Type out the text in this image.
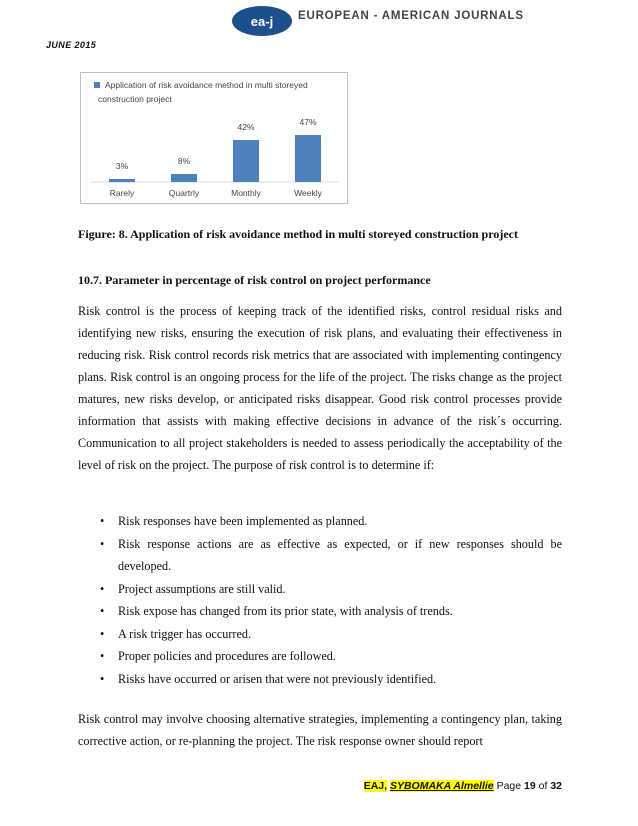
ea-j EUROPEAN - AMERICAN JOURNALS
JUNE 2015
Application of risk avoidance method in multi storeyed
construction project
3%
Rarely
8%
Quartrly
42%
Monthly
47%
Weekly
Figure: 8. Application of risk avoidance method in multi storeyed construction project
10.7. Parameter in percentage of risk control on project performance
Risk control is the process of keeping track of the identified risks, control residual risks and identifying new risks, ensuring the execution of risk plans, and evaluating their effectiveness in reducing risk. Risk control records risk metrics that are associated with implementing contingency plans. Risk control is an ongoing process for the life of the project. The risks change as the project matures, new risks develop, or anticipated risks disappear. Good risk control processes provide information that assists with making effective decisions in advance of the risk´s occurring. Communication to all project stakeholders is needed to assess periodically the acceptability of the level of risk on the project. The purpose of risk control is to determine if:
• Risk responses have been implemented as planned.
• Risk response actions are as effective as expected, or if new responses should be developed.
• Project assumptions are still valid.
• Risk expose has changed from its prior state, with analysis of trends.
• A risk trigger has occurred.
• Proper policies and procedures are followed.
• Risks have occurred or arisen that were not previously identified.
Risk control may involve choosing alternative strategies, implementing a contingency plan, taking corrective action, or re-planning the project. The risk response owner should report
EAJ, SYBOMAKA Almellie Page 19 of 32
